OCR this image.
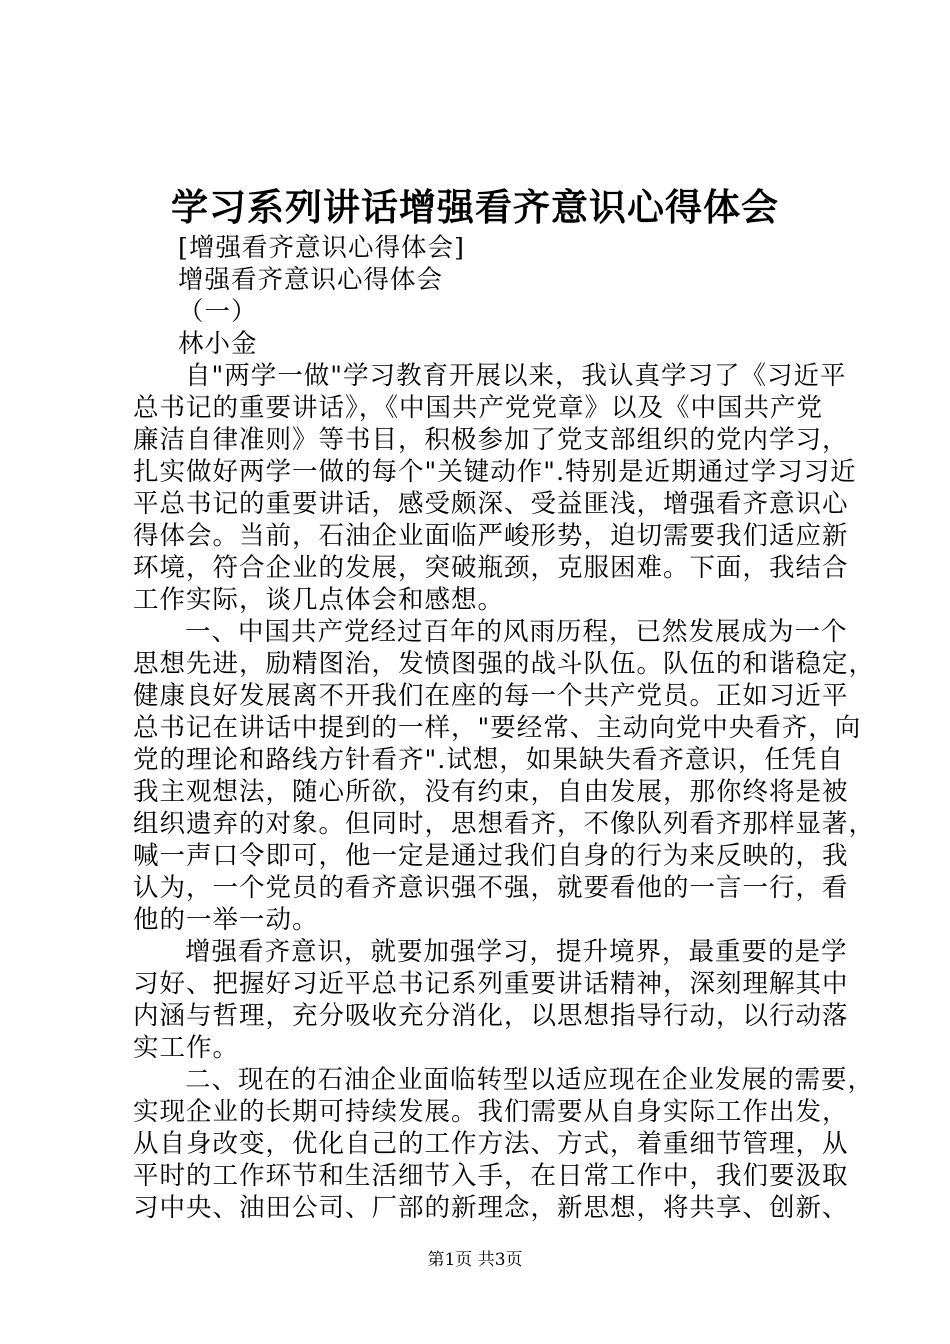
学习系列讲话增强看齐意识心得体会
[增强看齐意识心得体会]
增强看齐意识心得体会
（一）
林小金
自"两学一做"学习教育开展以来，我认真学习了《习近平
总书记的重要讲话》，《中国共产党党章》以及《中国共产党
廉洁自律准则》等书目，积极参加了党支部组织的党内学习，
扎实做好两学一做的每个"关键动作".特别是近期通过学习习近
平总书记的重要讲话，感受颇深、受益匪浅，增强看齐意识心
得体会。当前，石油企业面临严峻形势，迫切需要我们适应新
环境，符合企业的发展，突破瓶颈，克服困难。下面，我结合
工作实际，谈几点体会和感想。
一、中国共产党经过百年的风雨历程，已然发展成为一个
思想先进，励精图治，发愤图强的战斗队伍。队伍的和谐稳定，
健康良好发展离不开我们在座的每一个共产党员。正如习近平
总书记在讲话中提到的一样，"要经常、主动向党中央看齐，向
党的理论和路线方针看齐".试想，如果缺失看齐意识，任凭自
我主观想法，随心所欲，没有约束，自由发展，那你终将是被
组织遗弃的对象。但同时，思想看齐，不像队列看齐那样显著，
喊一声口令即可，他一定是通过我们自身的行为来反映的，我
认为，一个党员的看齐意识强不强，就要看他的一言一行，看
他的一举一动。
增强看齐意识，就要加强学习，提升境界，最重要的是学
习好、把握好习近平总书记系列重要讲话精神，深刻理解其中
内涵与哲理，充分吸收充分消化，以思想指导行动，以行动落
实工作。
二、现在的石油企业面临转型以适应现在企业发展的需要，
实现企业的长期可持续发展。我们需要从自身实际工作出发，
从自身改变，优化自己的工作方法、方式，着重细节管理，从
平时的工作环节和生活细节入手，在日常工作中，我们要汲取
习中央、油田公司、厂部的新理念，新思想，将共享、创新、
第1页 共3页
